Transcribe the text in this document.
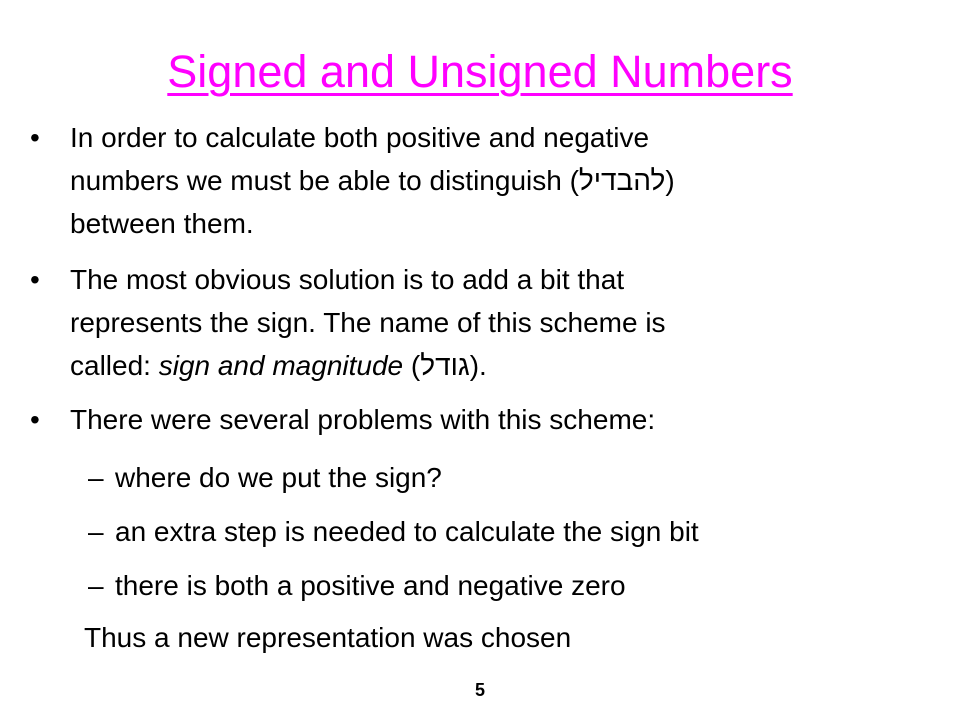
Signed and Unsigned Numbers
•	In order to calculate both positive and negative
numbers we must be able to distinguish (להבדיל)
between them.
•	The most obvious solution is to add a bit that
represents the sign. The name of this scheme is
called: sign and magnitude (גודל).
•	There were several problems with this scheme:
– where do we put the sign?
– an extra step is needed to calculate the sign bit
– there is both a positive and negative zero
Thus a new representation was chosen
5
